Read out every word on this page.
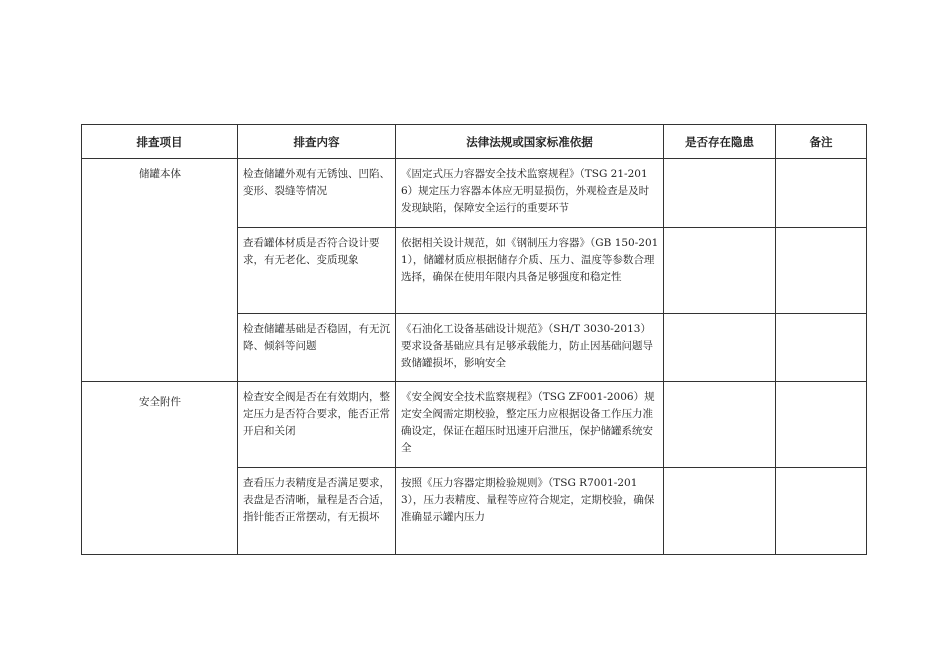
排查项目	排查内容	法律法规或国家标准依据	是否存在隐患	备注
储罐本体	检查储罐外观有无锈蚀、凹陷、变形、裂缝等情况	《固定式压力容器安全技术监察规程》（TSG 21-2016）规定压力容器本体应无明显损伤，外观检查是及时发现缺陷，保障安全运行的重要环节		
	查看罐体材质是否符合设计要求，有无老化、变质现象	依据相关设计规范，如《钢制压力容器》（GB 150-2011），储罐材质应根据储存介质、压力、温度等参数合理选择，确保在使用年限内具备足够强度和稳定性		
	检查储罐基础是否稳固，有无沉降、倾斜等问题	《石油化工设备基础设计规范》（SH/T 3030-2013）要求设备基础应具有足够承载能力，防止因基础问题导致储罐损坏，影响安全		
安全附件	检查安全阀是否在有效期内，整定压力是否符合要求，能否正常开启和关闭	《安全阀安全技术监察规程》（TSG ZF001-2006）规定安全阀需定期校验，整定压力应根据设备工作压力准确设定，保证在超压时迅速开启泄压，保护储罐系统安全		
	查看压力表精度是否满足要求，表盘是否清晰，量程是否合适，指针能否正常摆动，有无损坏	按照《压力容器定期检验规则》（TSG R7001-2013），压力表精度、量程等应符合规定，定期校验，确保准确显示罐内压力		
